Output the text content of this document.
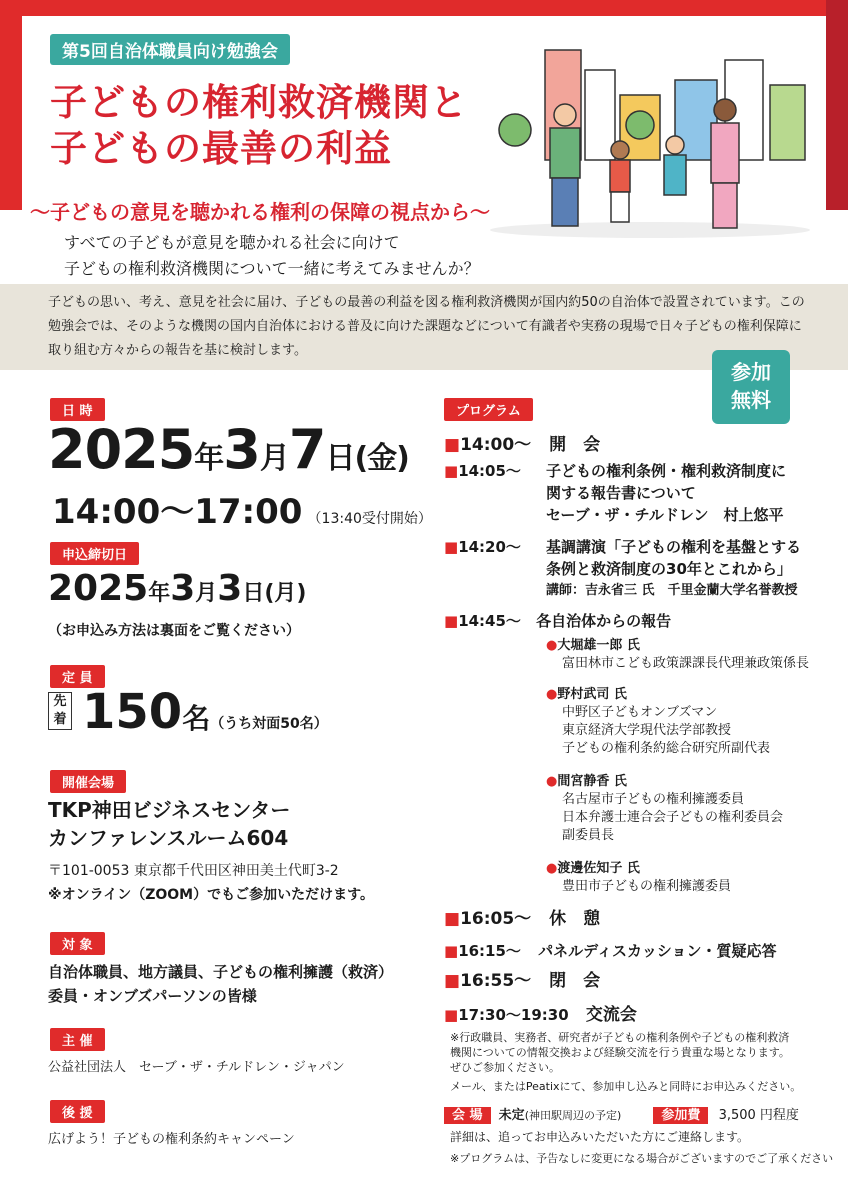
第5回自治体職員向け勉強会
子どもの権利救済機関と
子どもの最善の利益
〜子どもの意見を聴かれる権利の保障の視点から〜
すべての子どもが意見を聴かれる社会に向けて
子どもの権利救済機関について一緒に考えてみませんか？

子どもの思い、考え、意見を社会に届け、子どもの最善の利益を図る権利救済機関が国内約50の自治体で設置されています。この勉強会では、そのような機関の国内自治体における普及に向けた課題などについて有識者や実務の現場で日々子どもの権利保障に取り組む方々からの報告を基に検討します。

参加
無料
日 時
2025年3月7日(金)
14:00〜17:00 （13:40受付開始）
申込締切日
2025年3月3日(月)
（お申込み方法は裏面をご覧ください）
定 員
先
着 150名（うち対面50名）
開催会場
TKP神田ビジネスセンター
カンファレンスルーム604
〒101-0053 東京都千代田区神田美土代町3-2
※オンライン（ZOOM）でもご参加いただけます。
対 象
自治体職員、地方議員、子どもの権利擁護（救済）
委員・オンブズパーソンの皆様
主 催
公益社団法人　セーブ・ザ・チルドレン・ジャパン
後 援
広げよう！子どもの権利条約キャンペーン
プログラム
■14:00〜 開　会
■14:05〜 子どもの権利条例・権利救済制度に
関する報告書について
セーブ・ザ・チルドレン　村上悠平
■14:20〜 基調講演「子どもの権利を基盤とする
条例と救済制度の30年とこれから」
講師：吉永省三 氏　千里金蘭大学名誉教授
■14:45〜 各自治体からの報告
●大堀雄一郎 氏
富田林市こども政策課課長代理兼政策係長
●野村武司 氏
中野区子どもオンブズマン
東京経済大学現代法学部教授
子どもの権利条約総合研究所副代表
●間宮静香 氏
名古屋市子どもの権利擁護委員
日本弁護士連合会子どもの権利委員会
副委員長
●渡邊佐知子 氏
豊田市子どもの権利擁護委員
■16:05〜 休　憩
■16:15〜 パネルディスカッション・質疑応答
■16:55〜 閉　会
■17:30〜19:30 交流会
※行政職員、実務者、研究者が子どもの権利条例や子どもの権利救済
機関についての情報交換および経験交流を行う貴重な場となります。
ぜひご参加ください。
メール、またはPeatixにて、参加申し込みと同時にお申込みください。
会 場 未定(神田駅周辺の予定)	参加費 3,500 円程度
詳細は、追ってお申込みいただいた方にご連絡します。
※プログラムは、予告なしに変更になる場合がございますのでご了承ください
